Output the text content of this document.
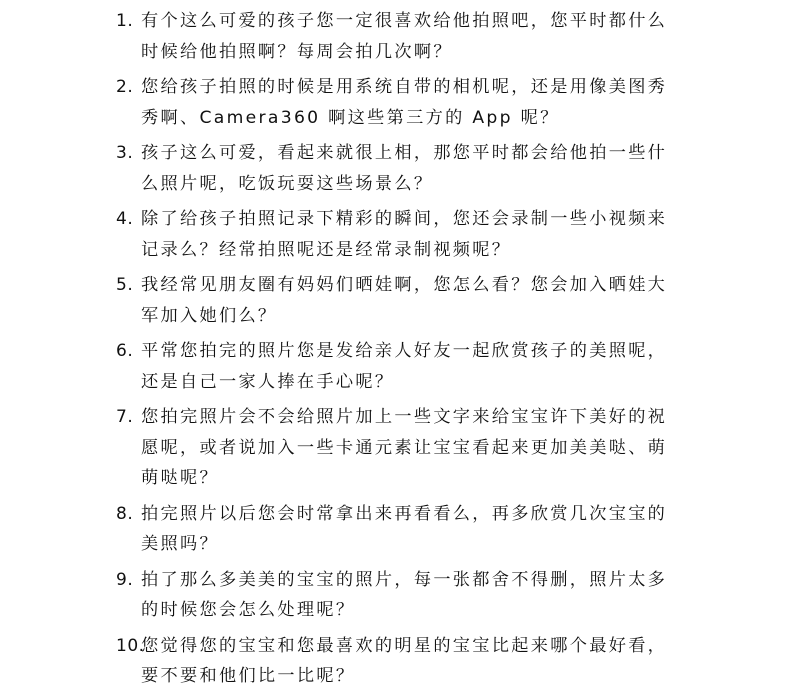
1. 有个这么可爱的孩子您一定很喜欢给他拍照吧，您平时都什么时候给他拍照啊？每周会拍几次啊？
2. 您给孩子拍照的时候是用系统自带的相机呢，还是用像美图秀秀啊、Camera360 啊这些第三方的 App 呢？
3. 孩子这么可爱，看起来就很上相，那您平时都会给他拍一些什么照片呢，吃饭玩耍这些场景么？
4. 除了给孩子拍照记录下精彩的瞬间，您还会录制一些小视频来记录么？经常拍照呢还是经常录制视频呢？
5. 我经常见朋友圈有妈妈们晒娃啊，您怎么看？您会加入晒娃大军加入她们么？
6. 平常您拍完的照片您是发给亲人好友一起欣赏孩子的美照呢，还是自己一家人捧在手心呢？
7. 您拍完照片会不会给照片加上一些文字来给宝宝许下美好的祝愿呢，或者说加入一些卡通元素让宝宝看起来更加美美哒、萌萌哒呢？
8. 拍完照片以后您会时常拿出来再看看么，再多欣赏几次宝宝的美照吗？
9. 拍了那么多美美的宝宝的照片，每一张都舍不得删，照片太多的时候您会怎么处理呢？
10.
您觉得您的宝宝和您最喜欢的明星的宝宝比起来哪个最好看，要不要和他们比一比呢？
